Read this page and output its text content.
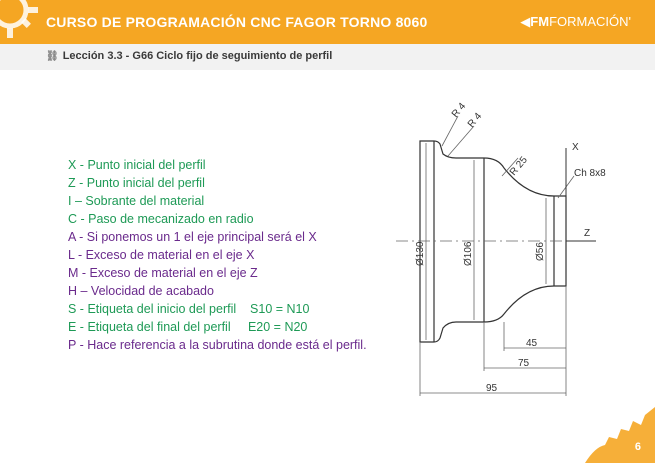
CURSO DE PROGRAMACIÓN CNC FAGOR TORNO 8060	◀FMFORMACIÓN'
⛓ Lección 3.3 - G66 Ciclo fijo de seguimiento de perfil
X - Punto inicial del perfil
Z - Punto inicial del perfil
I – Sobrante del material
C - Paso de mecanizado en radio
A - Si ponemos un 1 el eje principal será el X
L - Exceso de material en el eje X
M - Exceso de material en el eje Z
H – Velocidad de acabado
S - Etiqueta del inicio del perfil    S10 = N10
E - Etiqueta del final del perfil     E20 = N20
P - Hace referencia a la subrutina donde está el perfil.
X
Z
R 4
R 4
R 25	Ch 8x8
Ø130	Ø106	Ø56
45
75
95
6
